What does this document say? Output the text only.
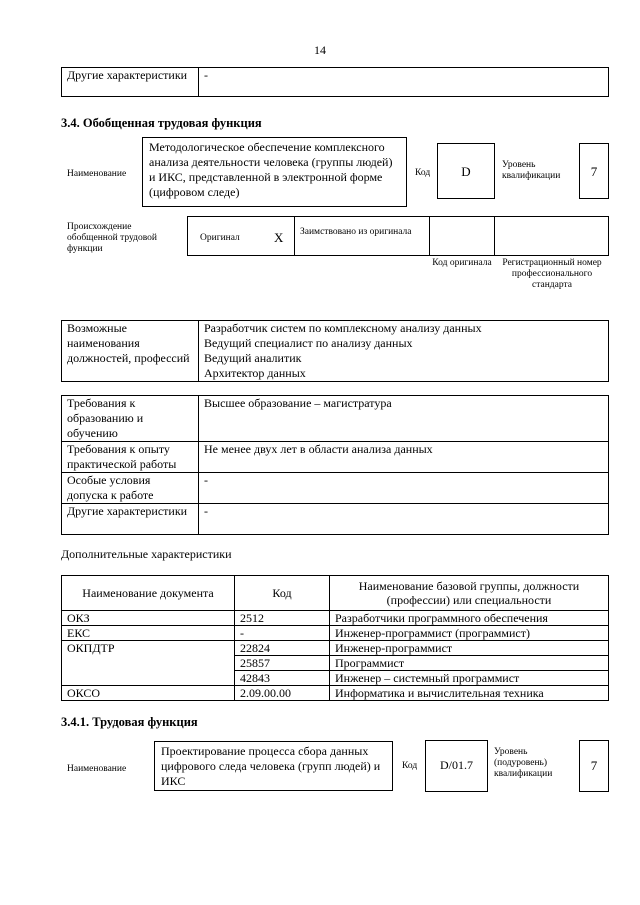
14
Другие характеристики	-
3.4. Обобщенная трудовая функция
Наименование
Методологическое обеспечение комплексного анализа деятельности человека (группы людей) и ИКС, представленной в электронной форме (цифровом следе)
Код	D	Уровень квалификации	7
Происхождение обобщенной трудовой функции
Оригинал	X	Заимствовано из оригинала
Код оригинала	Регистрационный номер профессионального стандарта
Возможные наименования должностей, профессий	
Разработчик систем по комплексному анализу данных
Ведущий специалист по анализу данных
Ведущий аналитик
Архитектор данных
Требования к образованию и обучению	Высшее образование – магистратура
Требования к опыту практической работы	Не менее двух лет в области анализа данных
Особые условия допуска к работе	-
Другие характеристики	-
Дополнительные характеристики
Наименование документа	Код	Наименование базовой группы, должности (профессии) или специальности
ОКЗ	2512	Разработчики программного обеспечения
ЕКС	-	Инженер-программист (программист)
ОКПДТР	22824	Инженер-программист
	25857	Программист
	42843	Инженер – системный программист
ОКСО	2.09.00.00	Информатика и вычислительная техника
3.4.1. Трудовая функция
Наименование
Проектирование процесса сбора данных цифрового следа человека (групп людей) и ИКС
Код	D/01.7
Уровень (подуровень) квалификации
7
